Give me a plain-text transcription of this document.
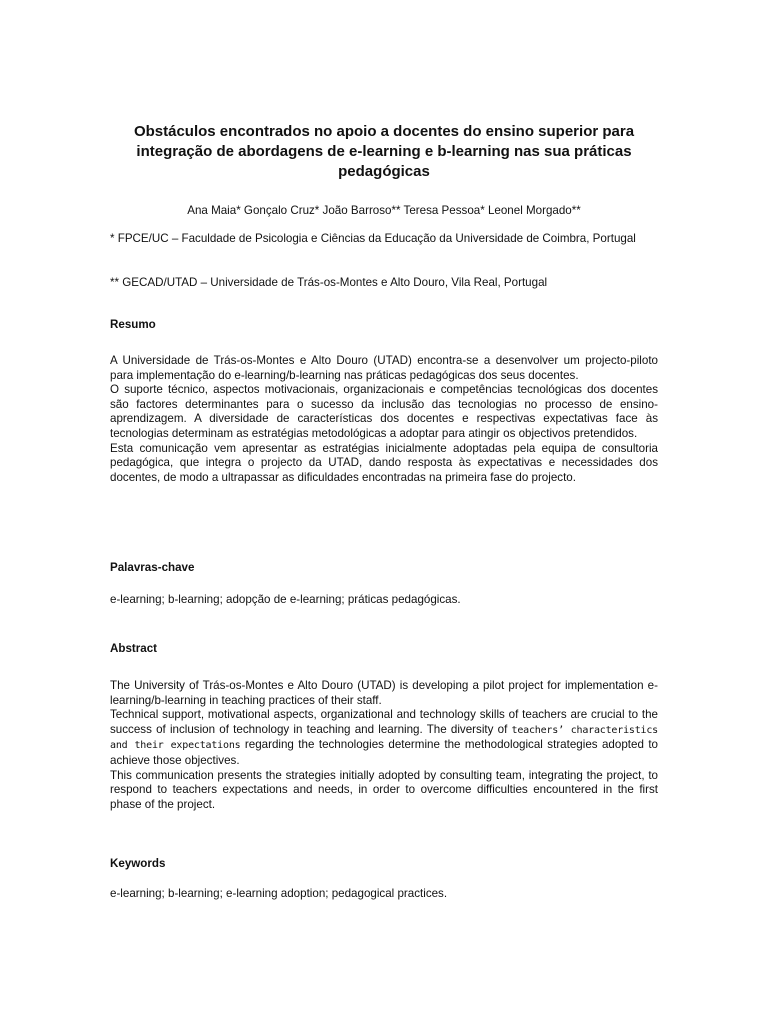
Obstáculos encontrados no apoio a docentes do ensino superior para
integração de abordagens de e-learning e b-learning nas sua práticas
pedagógicas
Ana Maia* Gonçalo Cruz* João Barroso** Teresa Pessoa* Leonel Morgado**
* FPCE/UC – Faculdade de Psicologia e Ciências da Educação da Universidade de Coimbra, Portugal
** GECAD/UTAD – Universidade de Trás-os-Montes e Alto Douro, Vila Real, Portugal
Resumo

A Universidade de Trás-os-Montes e Alto Douro (UTAD) encontra-se a desenvolver um projecto-piloto para implementação do e-learning/b-learning nas práticas pedagógicas dos seus docentes.

O suporte técnico, aspectos motivacionais, organizacionais e competências tecnológicas dos docentes são factores determinantes para o sucesso da inclusão das tecnologias no processo de ensino-aprendizagem. A diversidade de características dos docentes e respectivas expectativas face às tecnologias determinam as estratégias metodológicas a adoptar para atingir os objectivos pretendidos.

Esta comunicação vem apresentar as estratégias inicialmente adoptadas pela equipa de consultoria pedagógica, que integra o projecto da UTAD, dando resposta às expectativas e necessidades dos docentes, de modo a ultrapassar as dificuldades encontradas na primeira fase do projecto.

Palavras-chave
e-learning; b-learning; adopção de e-learning; práticas pedagógicas.
Abstract

The University of Trás-os-Montes e Alto Douro (UTAD) is developing a pilot project for implementation e-learning/b-learning in teaching practices of their staff.

Technical support, motivational aspects, organizational and technology skills of teachers are crucial to the success of inclusion of technology in teaching and learning. The diversity of teachers’ characteristics and their expectations regarding the technologies determine the methodological strategies adopted to achieve those objectives.

This communication presents the strategies initially adopted by consulting team, integrating the project, to respond to teachers expectations and needs, in order to overcome difficulties encountered in the first phase of the project.

Keywords
e-learning; b-learning; e-learning adoption; pedagogical practices.
